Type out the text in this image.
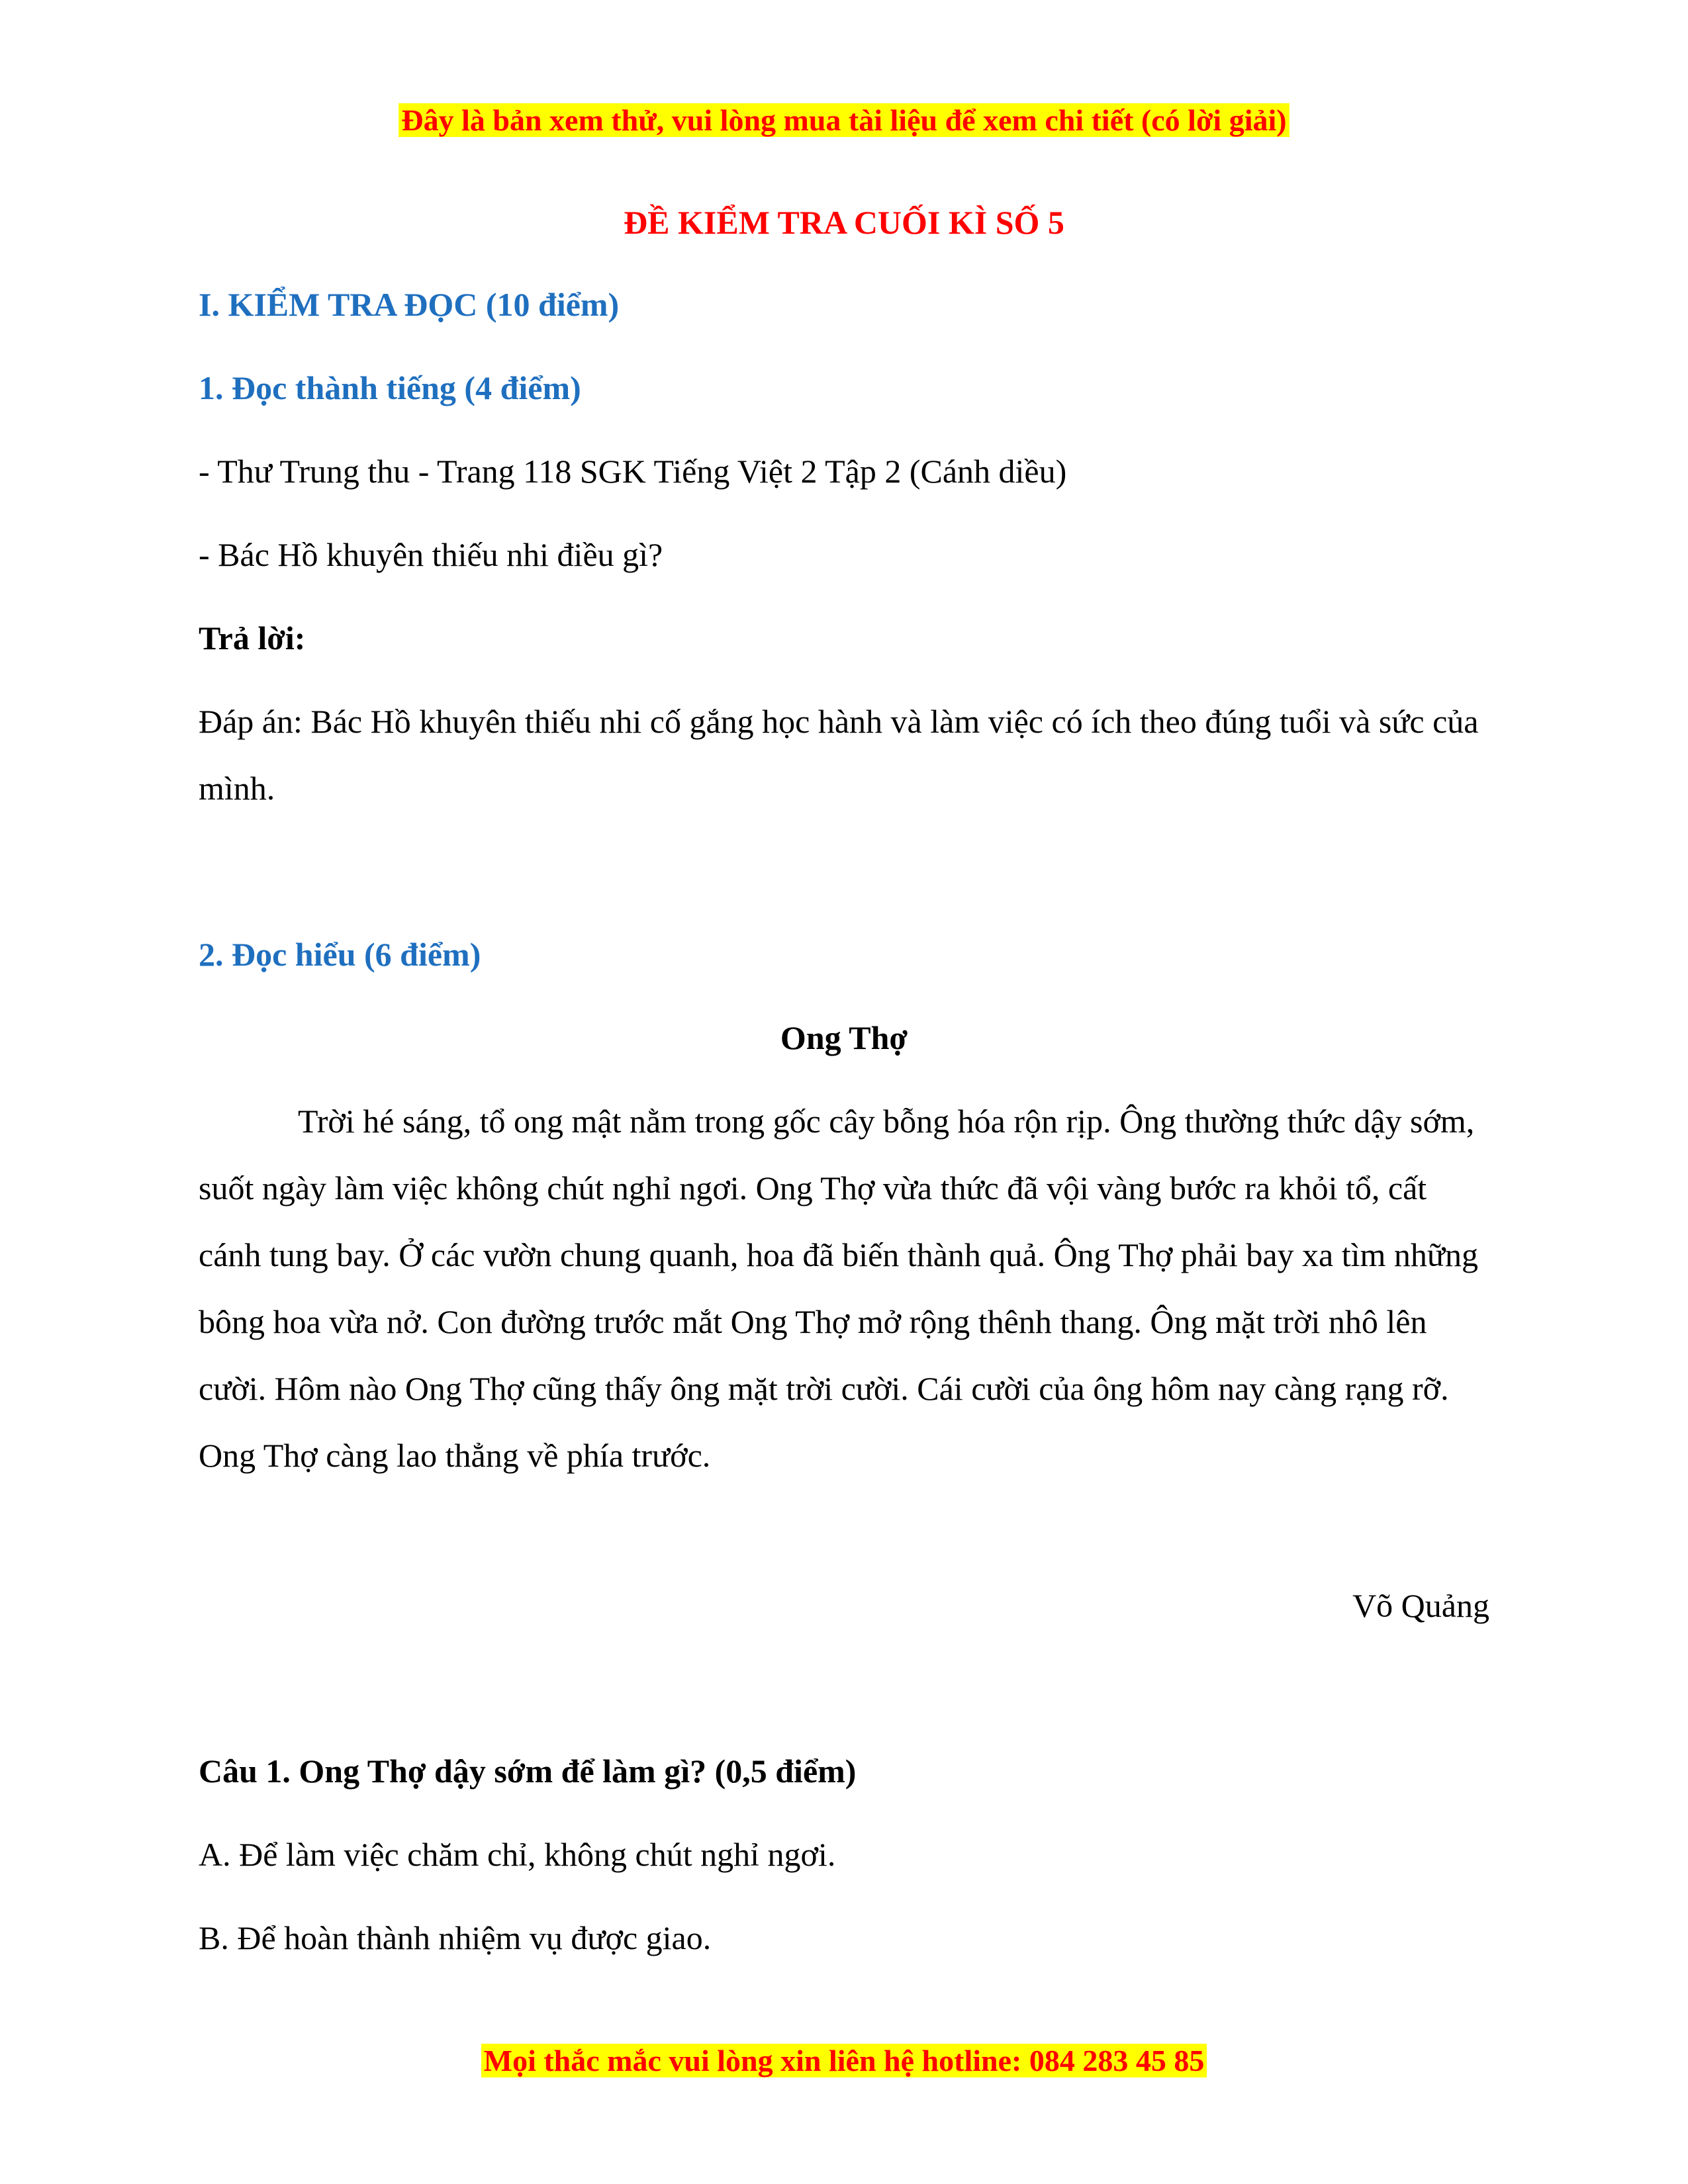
Đây là bản xem thử, vui lòng mua tài liệu để xem chi tiết (có lời giải)
ĐỀ KIỂM TRA CUỐI KÌ SỐ 5
I. KIỂM TRA ĐỌC (10 điểm)
1. Đọc thành tiếng (4 điểm)
- Thư Trung thu - Trang 118 SGK Tiếng Việt 2 Tập 2 (Cánh diều)
- Bác Hồ khuyên thiếu nhi điều gì?
Trả lời:
Đáp án: Bác Hồ khuyên thiếu nhi cố gắng học hành và làm việc có ích theo đúng tuổi và sức của mình.
2. Đọc hiểu (6 điểm)
Ong Thợ
Trời hé sáng, tổ ong mật nằm trong gốc cây bỗng hóa rộn rịp. Ông thường thức dậy sớm, suốt ngày làm việc không chút nghỉ ngơi. Ong Thợ vừa thức đã vội vàng bước ra khỏi tổ, cất cánh tung bay. Ở các vườn chung quanh, hoa đã biến thành quả. Ông Thợ phải bay xa tìm những bông hoa vừa nở. Con đường trước mắt Ong Thợ mở rộng thênh thang. Ông mặt trời nhô lên cười. Hôm nào Ong Thợ cũng thấy ông mặt trời cười. Cái cười của ông hôm nay càng rạng rỡ. Ong Thợ càng lao thẳng về phía trước.
Võ Quảng
Câu 1. Ong Thợ dậy sớm để làm gì? (0,5 điểm)
A. Để làm việc chăm chỉ, không chút nghỉ ngơi.
B. Để hoàn thành nhiệm vụ được giao.
Mọi thắc mắc vui lòng xin liên hệ hotline: 084 283 45 85
